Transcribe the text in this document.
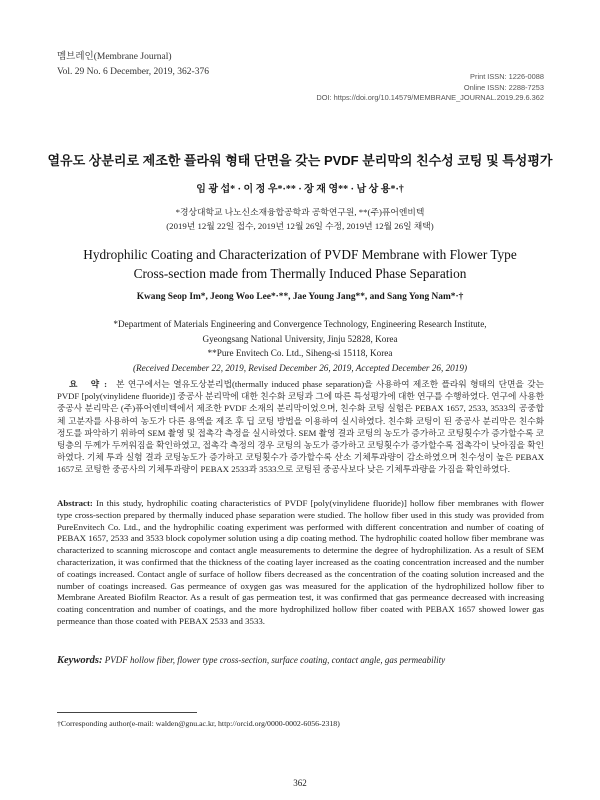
멤브레인(Membrane Journal)
Vol. 29 No. 6 December, 2019, 362-376	Print ISSN: 1226-0088
Online ISSN: 2288-7253
DOI: https://doi.org/10.14579/MEMBRANE_JOURNAL.2019.29.6.362
열유도 상분리로 제조한 플라워 형태 단면을 갖는 PVDF 분리막의 친수성 코팅 및 특성평가
임 광 섭* · 이 정 우*·** · 장 재 영** · 남 상 용*·†
*경상대학교 나노신소재융합공학과 공학연구원, **(주)퓨어엔비텍
(2019년 12월 22일 접수, 2019년 12월 26일 수정, 2019년 12월 26일 채택)
Hydrophilic Coating and Characterization of PVDF Membrane with Flower Type
Cross-section made from Thermally Induced Phase Separation
Kwang Seop Im*, Jeong Woo Lee*·**, Jae Young Jang**, and Sang Yong Nam*·†
*Department of Materials Engineering and Convergence Technology, Engineering Research Institute,
Gyeongsang National University, Jinju 52828, Korea
**Pure Envitech Co. Ltd., Siheng-si 15118, Korea
(Received December 22, 2019, Revised December 26, 2019, Accepted December 26, 2019)
요 약: 본 연구에서는 열유도상분리법(thermally induced phase separation)을 사용하여 제조한 플라워 형태의 단면을 갖는 PVDF [poly(vinylidene fluoride)] 중공사 분리막에 대한 친수화 코팅과 그에 따른 특성평가에 대한 연구를 수행하였다. 연구에 사용한 중공사 분리막은 (주)퓨어엔비텍에서 제조한 PVDF 소재의 분리막이었으며, 친수화 코팅 실험은 PEBAX 1657, 2533, 3533의 공중합체 고분자를 사용하여 농도가 다른 용액을 제조 후 딥 코팅 방법을 이용하여 실시하였다. 친수화 코팅이 된 중공사 분리막은 친수화 정도를 파악하기 위하여 SEM 촬영 및 접촉각 측정을 실시하였다. SEM 촬영 결과 코팅의 농도가 증가하고 코팅횟수가 증가할수록 코팅층의 두께가 두꺼워짐을 확인하였고, 접촉각 측정의 경우 코팅의 농도가 증가하고 코팅횟수가 증가할수록 접촉각이 낮아짐을 확인하였다. 기체 투과 실험 결과 코팅농도가 증가하고 코팅횟수가 증가할수록 산소 기체투과량이 감소하였으며 친수성이 높은 PEBAX 1657로 코팅한 중공사의 기체투과량이 PEBAX 2533과 3533으로 코팅된 중공사보다 낮은 기체투과량을 가짐을 확인하였다.
Abstract: In this study, hydrophilic coating characteristics of PVDF [poly(vinylidene fluoride)] hollow fiber membranes with flower type cross-section prepared by thermally induced phase separation were studied. The hollow fiber used in this study was provided from PureEnvitech Co. Ltd., and the hydrophilic coating experiment was performed with different concentration and number of coating of PEBAX 1657, 2533 and 3533 block copolymer solution using a dip coating method. The hydrophilic coated hollow fiber membrane was characterized to scanning microscope and contact angle measurements to determine the degree of hydrophilization. As a result of SEM characterization, it was confirmed that the thickness of the coating layer increased as the coating concentration increased and the number of coatings increased. Contact angle of surface of hollow fibers decreased as the concentration of the coating solution increased and the number of coatings increased. Gas permeance of oxygen gas was measured for the application of the hydrophilized hollow fiber to Membrane Areated Biofilm Reactor. As a result of gas permeation test, it was confirmed that gas permeance decreased with increasing coating concentration and number of coatings, and the more hydrophilized hollow fiber coated with PEBAX 1657 showed lower gas permeance than those coated with PEBAX 2533 and 3533.
Keywords: PVDF hollow fiber, flower type cross-section, surface coating, contact angle, gas permeability
†Corresponding author(e-mail: walden@gnu.ac.kr, http://orcid.org/0000-0002-6056-2318)
362
